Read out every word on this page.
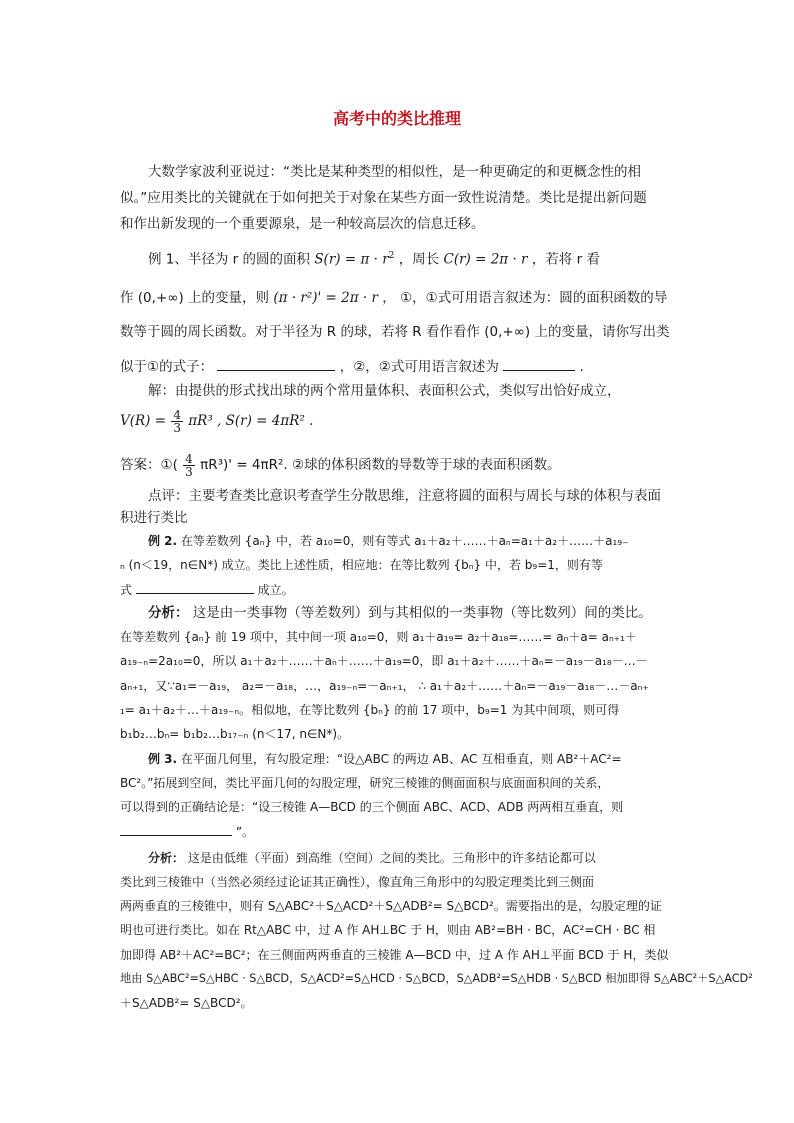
高考中的类比推理
大数学家波利亚说过：“类比是某种类型的相似性，是一种更确定的和更概念性的相
似。”应用类比的关键就在于如何把关于对象在某些方面一致性说清楚。类比是提出新问题
和作出新发现的一个重要源泉，是一种较高层次的信息迁移。
例 1、半径为 r 的圆的面积 $S(r) = \pi \cdot r^2$ ，周长 C(r) = 2π · r ，若将 r 看
作 (0,+∞) 上的变量，则 (π · r²)' = 2π · r ， ①，①式可用语言叙述为：圆的面积函数的导
数等于圆的周长函数。对于半径为 R 的球，若将 R 看作看作 (0,+∞) 上的变量，请你写出类
似于①的式子：	，②，②式可用语言叙述为	.
解：由提供的形式找出球的两个常用量体积、表面积公式，类似写出恰好成立，
$V(R) = \frac{4}{3} \pi R^3$ , S(r) = 4πR² .
答案：①( $\frac{4}{3} \pi R^3)' = 4\pi R^2$. ②球的体积函数的导数等于球的表面积函数。
点评：主要考查类比意识考查学生分散思维，注意将圆的面积与周长与球的体积与表面
积进行类比
例 2. 在等差数列 {aₙ} 中，若 a₁₀=0，则有等式 a₁＋a₂＋……＋aₙ=a₁＋a₂＋……＋a₁₉₋
ₙ (n＜19，n∈N*) 成立。类比上述性质，相应地：在等比数列 {bₙ} 中，若 b₉=1，则有等
式	成立。
分析： 这是由一类事物（等差数列）到与其相似的一类事物（等比数列）间的类比。
在等差数列 {aₙ} 前 19 项中，其中间一项 a₁₀=0，则 a₁＋a₁₉= a₂＋a₁₈=……= aₙ＋a= aₙ₊₁＋
a₁₉₋ₙ=2a₁₀=0，所以 a₁＋a₂＋……＋aₙ＋……＋a₁₉=0，即 a₁＋a₂＋……＋aₙ=－a₁₉－a₁₈－…－
aₙ₊₁，又∵a₁=－a₁₉， a₂=－a₁₈，…，a₁₉₋ₙ=－aₙ₊₁， ∴ a₁＋a₂＋……＋aₙ=－a₁₉－a₁₈－…－aₙ₊
₁= a₁＋a₂＋…＋a₁₉₋ₙ。相似地，在等比数列 {bₙ} 的前 17 项中，b₉=1 为其中间项，则可得
b₁b₂…bₙ= b₁b₂…b₁₇₋ₙ (n＜17, n∈N*)。
例 3. 在平面几何里，有勾股定理：“设△ABC 的两边 AB、AC 互相垂直，则 AB²＋AC²=
BC²。”拓展到空间，类比平面几何的勾股定理，研究三棱锥的侧面面积与底面面积间的关系，
可以得到的正确结论是：“设三棱锥 A—BCD 的三个侧面 ABC、ACD、ADB 两两相互垂直，则
”。
分析： 这是由低维（平面）到高维（空间）之间的类比。三角形中的许多结论都可以
类比到三棱锥中（当然必须经过论证其正确性），像直角三角形中的勾股定理类比到三侧面
两两垂直的三棱锥中，则有 S△ABC²＋S△ACD²＋S△ADB²= S△BCD²。需要指出的是，勾股定理的证
明也可进行类比。如在 Rt△ABC 中，过 A 作 AH⊥BC 于 H，则由 AB²=BH · BC，AC²=CH · BC 相
加即得 AB²＋AC²=BC²；在三侧面两两垂直的三棱锥 A—BCD 中，过 A 作 AH⊥平面 BCD 于 H，类似
地由 S△ABC²=S△HBC · S△BCD，S△ACD²=S△HCD · S△BCD，S△ADB²=S△HDB · S△BCD 相加即得 S△ABC²＋S△ACD²
＋S△ADB²= S△BCD²。
